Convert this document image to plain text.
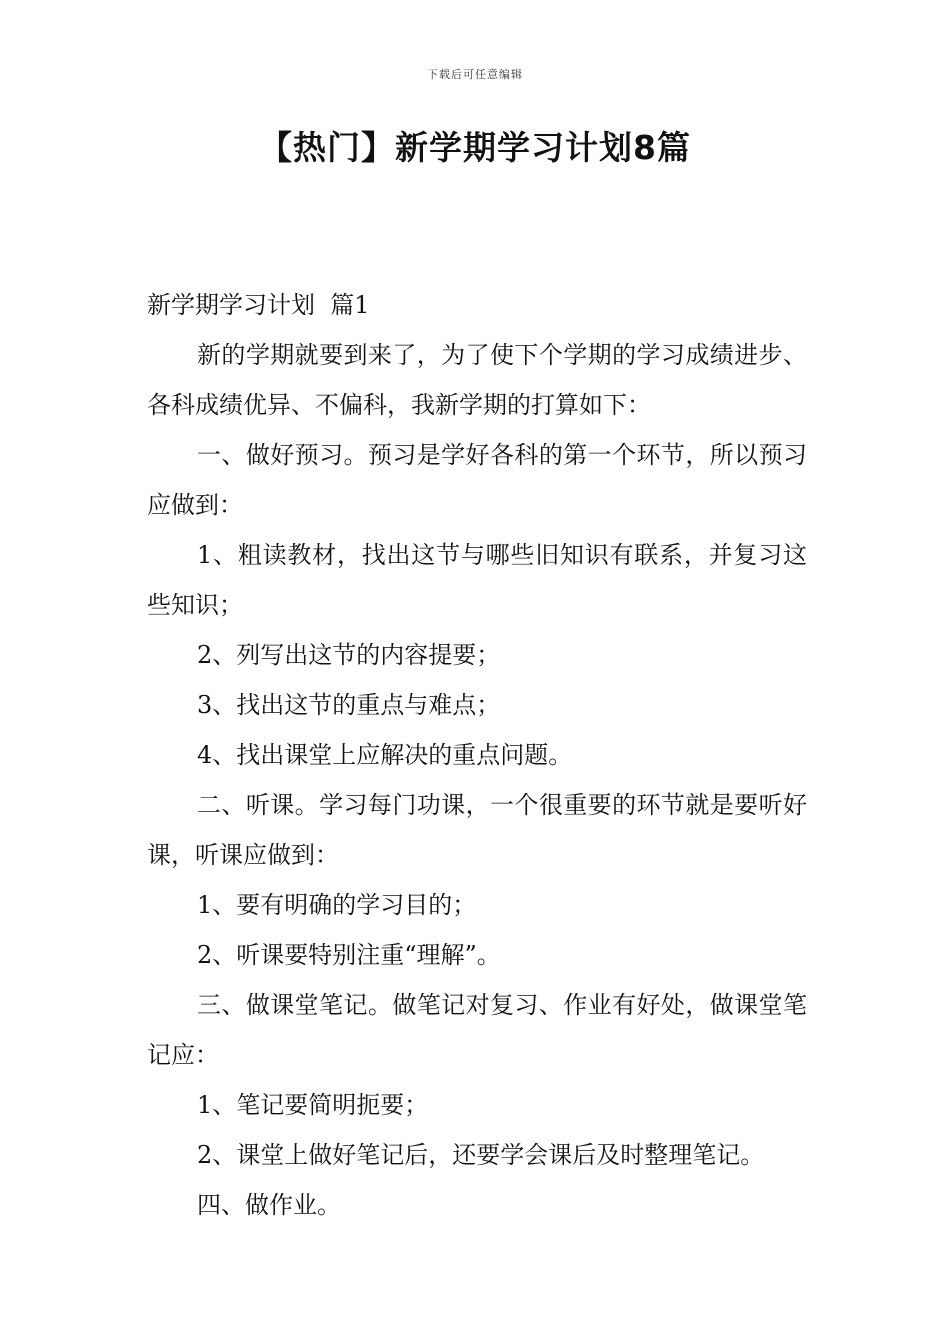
下载后可任意编辑
【热门】新学期学习计划8篇

新学期学习计划  篇1

新的学期就要到来了，为了使下个学期的学习成绩进步、各科成绩优异、不偏科，我新学期的打算如下：

一、做好预习。预习是学好各科的第一个环节，所以预习应做到：

1、粗读教材，找出这节与哪些旧知识有联系，并复习这些知识；

2、列写出这节的内容提要；

3、找出这节的重点与难点；

4、找出课堂上应解决的重点问题。

二、听课。学习每门功课，一个很重要的环节就是要听好课，听课应做到：

1、要有明确的学习目的；

2、听课要特别注重“理解”。

三、做课堂笔记。做笔记对复习、作业有好处，做课堂笔记应：

1、笔记要简明扼要；

2、课堂上做好笔记后，还要学会课后及时整理笔记。

四、做作业。
